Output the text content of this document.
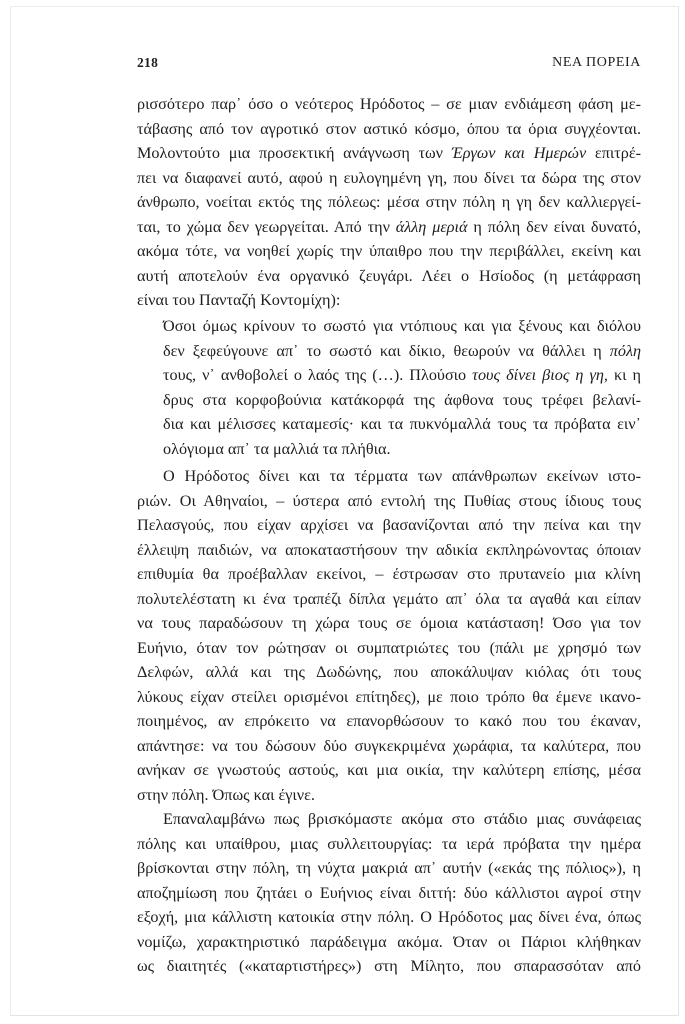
218	ΝΕΑ ΠΟΡΕΙΑ
ρισσότερο παρ᾽ όσο ο νεότερος Ηρόδοτος – σε μιαν ενδιάμεση φάση με-
τάβασης από τον αγροτικό στον αστικό κόσμο, όπου τα όρια συγχέονται.
Μολοντούτο μια προσεκτική ανάγνωση των Έργων και Ημερών επιτρέ-
πει να διαφανεί αυτό, αφού η ευλογημένη γη, που δίνει τα δώρα της στον
άνθρωπο, νοείται εκτός της πόλεως: μέσα στην πόλη η γη δεν καλλιεργεί-
ται, το χώμα δεν γεωργείται. Από την άλλη μεριά η πόλη δεν είναι δυνατό,
ακόμα τότε, να νοηθεί χωρίς την ύπαιθρο που την περιβάλλει, εκείνη και
αυτή αποτελούν ένα οργανικό ζευγάρι. Λέει ο Ησίοδος (η μετάφραση
είναι του Πανταζή Κοντομίχη):
Όσοι όμως κρίνουν το σωστό για ντόπιους και για ξένους και διόλου
δεν ξεφεύγουνε απ᾽ το σωστό και δίκιο, θεωρούν να θάλλει η πόλη
τους, ν᾽ ανθοβολεί ο λαός της (…). Πλούσιο τους δίνει βιος η γη, κι η
δρυς στα κορφοβούνια κατάκορφά της άφθονα τους τρέφει βελανί-
δια και μέλισσες καταμεσίς· και τα πυκνόμαλλά τους τα πρόβατα ειν᾽
ολόγιομα απ᾽ τα μαλλιά τα πλήθια.
Ο Ηρόδοτος δίνει και τα τέρματα των απάνθρωπων εκείνων ιστο-
ριών. Οι Αθηναίοι, – ύστερα από εντολή της Πυθίας στους ίδιους τους
Πελασγούς, που είχαν αρχίσει να βασανίζονται από την πείνα και την
έλλειψη παιδιών, να αποκαταστήσουν την αδικία εκπληρώνοντας όποιαν
επιθυμία θα προέβαλλαν εκείνοι, – έστρωσαν στο πρυτανείο μια κλίνη
πολυτελέστατη κι ένα τραπέζι δίπλα γεμάτο απ᾽ όλα τα αγαθά και είπαν
να τους παραδώσουν τη χώρα τους σε όμοια κατάσταση! Όσο για τον
Ευήνιο, όταν τον ρώτησαν οι συμπατριώτες του (πάλι με χρησμό των
Δελφών, αλλά και της Δωδώνης, που αποκάλυψαν κιόλας ότι τους
λύκους είχαν στείλει ορισμένοι επίτηδες), με ποιο τρόπο θα έμενε ικανο-
ποιημένος, αν επρόκειτο να επανορθώσουν το κακό που του έκαναν,
απάντησε: να του δώσουν δύο συγκεκριμένα χωράφια, τα καλύτερα, που
ανήκαν σε γνωστούς αστούς, και μια οικία, την καλύτερη επίσης, μέσα
στην πόλη. Όπως και έγινε.
Επαναλαμβάνω πως βρισκόμαστε ακόμα στο στάδιο μιας συνάφειας
πόλης και υπαίθρου, μιας συλλειτουργίας: τα ιερά πρόβατα την ημέρα
βρίσκονται στην πόλη, τη νύχτα μακριά απ᾽ αυτήν («εκάς της πόλιος»), η
αποζημίωση που ζητάει ο Ευήνιος είναι διττή: δύο κάλλιστοι αγροί στην
εξοχή, μια κάλλιστη κατοικία στην πόλη. Ο Ηρόδοτος μας δίνει ένα, όπως
νομίζω, χαρακτηριστικό παράδειγμα ακόμα. Όταν οι Πάριοι κλήθηκαν
ως διαιτητές («καταρτιστήρες») στη Μίλητο, που σπαρασσόταν από
